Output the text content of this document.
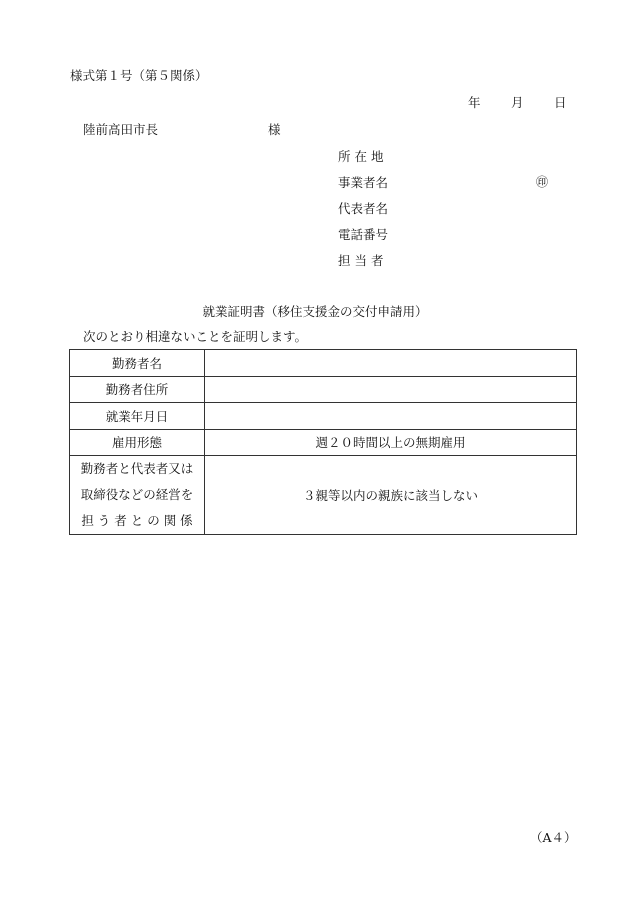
様式第１号（第５関係）
年 月 日
陸前高田市長	様
所 在 地
事業者名	㊞
代表者名
電話番号
担 当 者
就業証明書（移住支援金の交付申請用）
次のとおり相違ないことを証明します。
勤務者名	
勤務者住所	
就業年月日	
雇用形態	週２０時間以上の無期雇用

勤務者と代表者又は
取締役などの経営を
担 う 者 と の 関 係	３親等以内の親族に該当しない
（A４）
